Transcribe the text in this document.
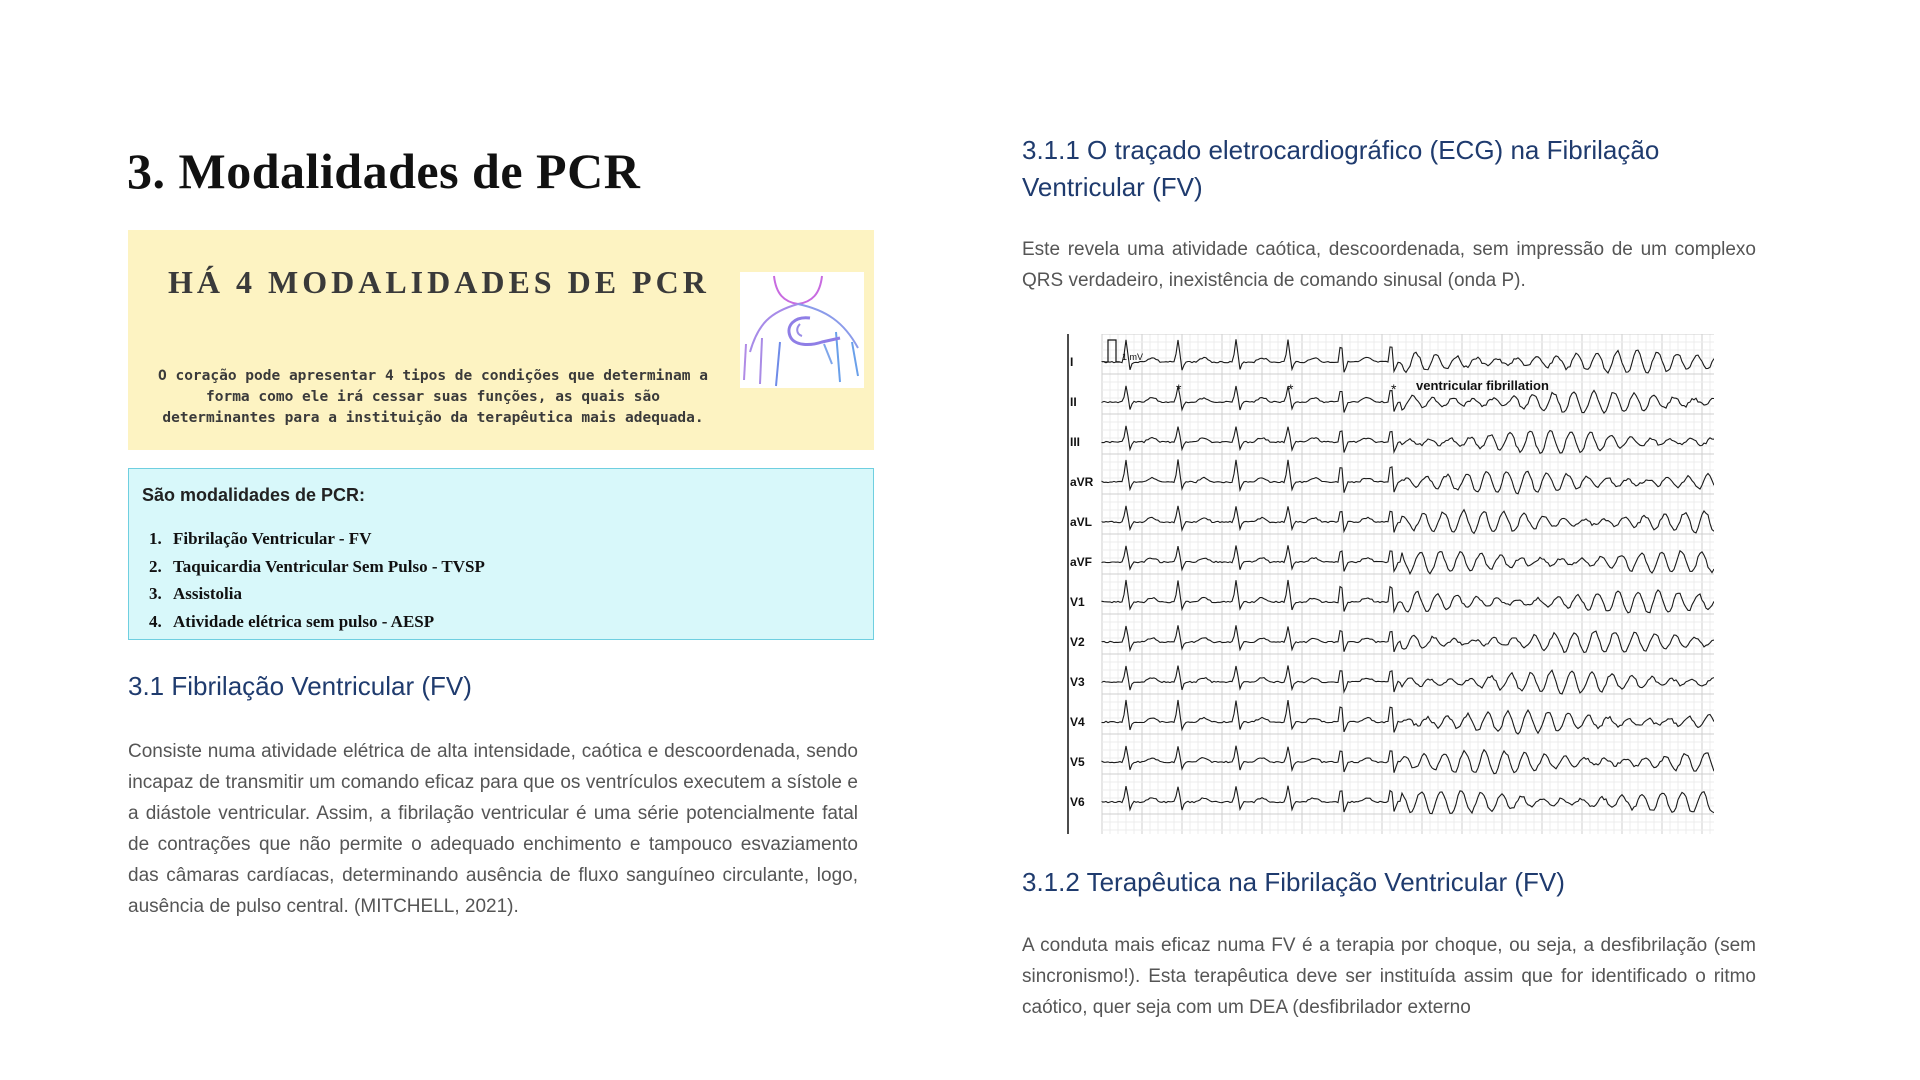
3. Modalidades de PCR
HÁ 4 MODALIDADES DE PCR

O coração pode apresentar 4 tipos de condições que determinam a forma como ele irá cessar suas funções, as quais são determinantes para a instituição da terapêutica mais adequada.

São modalidades de PCR:
1. Fibrilação Ventricular - FV
2. Taquicardia Ventricular Sem Pulso - TVSP
3. Assistolia
4. Atividade elétrica sem pulso - AESP
3.1 Fibrilação Ventricular (FV)

Consiste numa atividade elétrica de alta intensidade, caótica e descoordenada, sendo incapaz de transmitir um comando eficaz para que os ventrículos executem a sístole e a diástole ventricular. Assim, a fibrilação ventricular é uma série potencialmente fatal de contrações que não permite o adequado enchimento e tampouco esvaziamento das câmaras cardíacas, determinando ausência de fluxo sanguíneo circulante, logo, ausência de pulso central. (MITCHELL, 2021).

3.1.1 O traçado eletrocardiográfico (ECG) na Fibrilação Ventricular (FV)

Este revela uma atividade caótica, descoordenada, sem impressão de um complexo QRS verdadeiro, inexistência de comando sinusal (onda P).

I
II
III
aVR
aVL
aVF
V1
V2
V3
V4
V5
V6
1 mV
ventricular fibrillation
*	*	*
3.1.2 Terapêutica na Fibrilação Ventricular (FV)

A conduta mais eficaz numa FV é a terapia por choque, ou seja, a desfibrilação (sem sincronismo!). Esta terapêutica deve ser instituída assim que for identificado o ritmo caótico, quer seja com um DEA (desfibrilador externo
